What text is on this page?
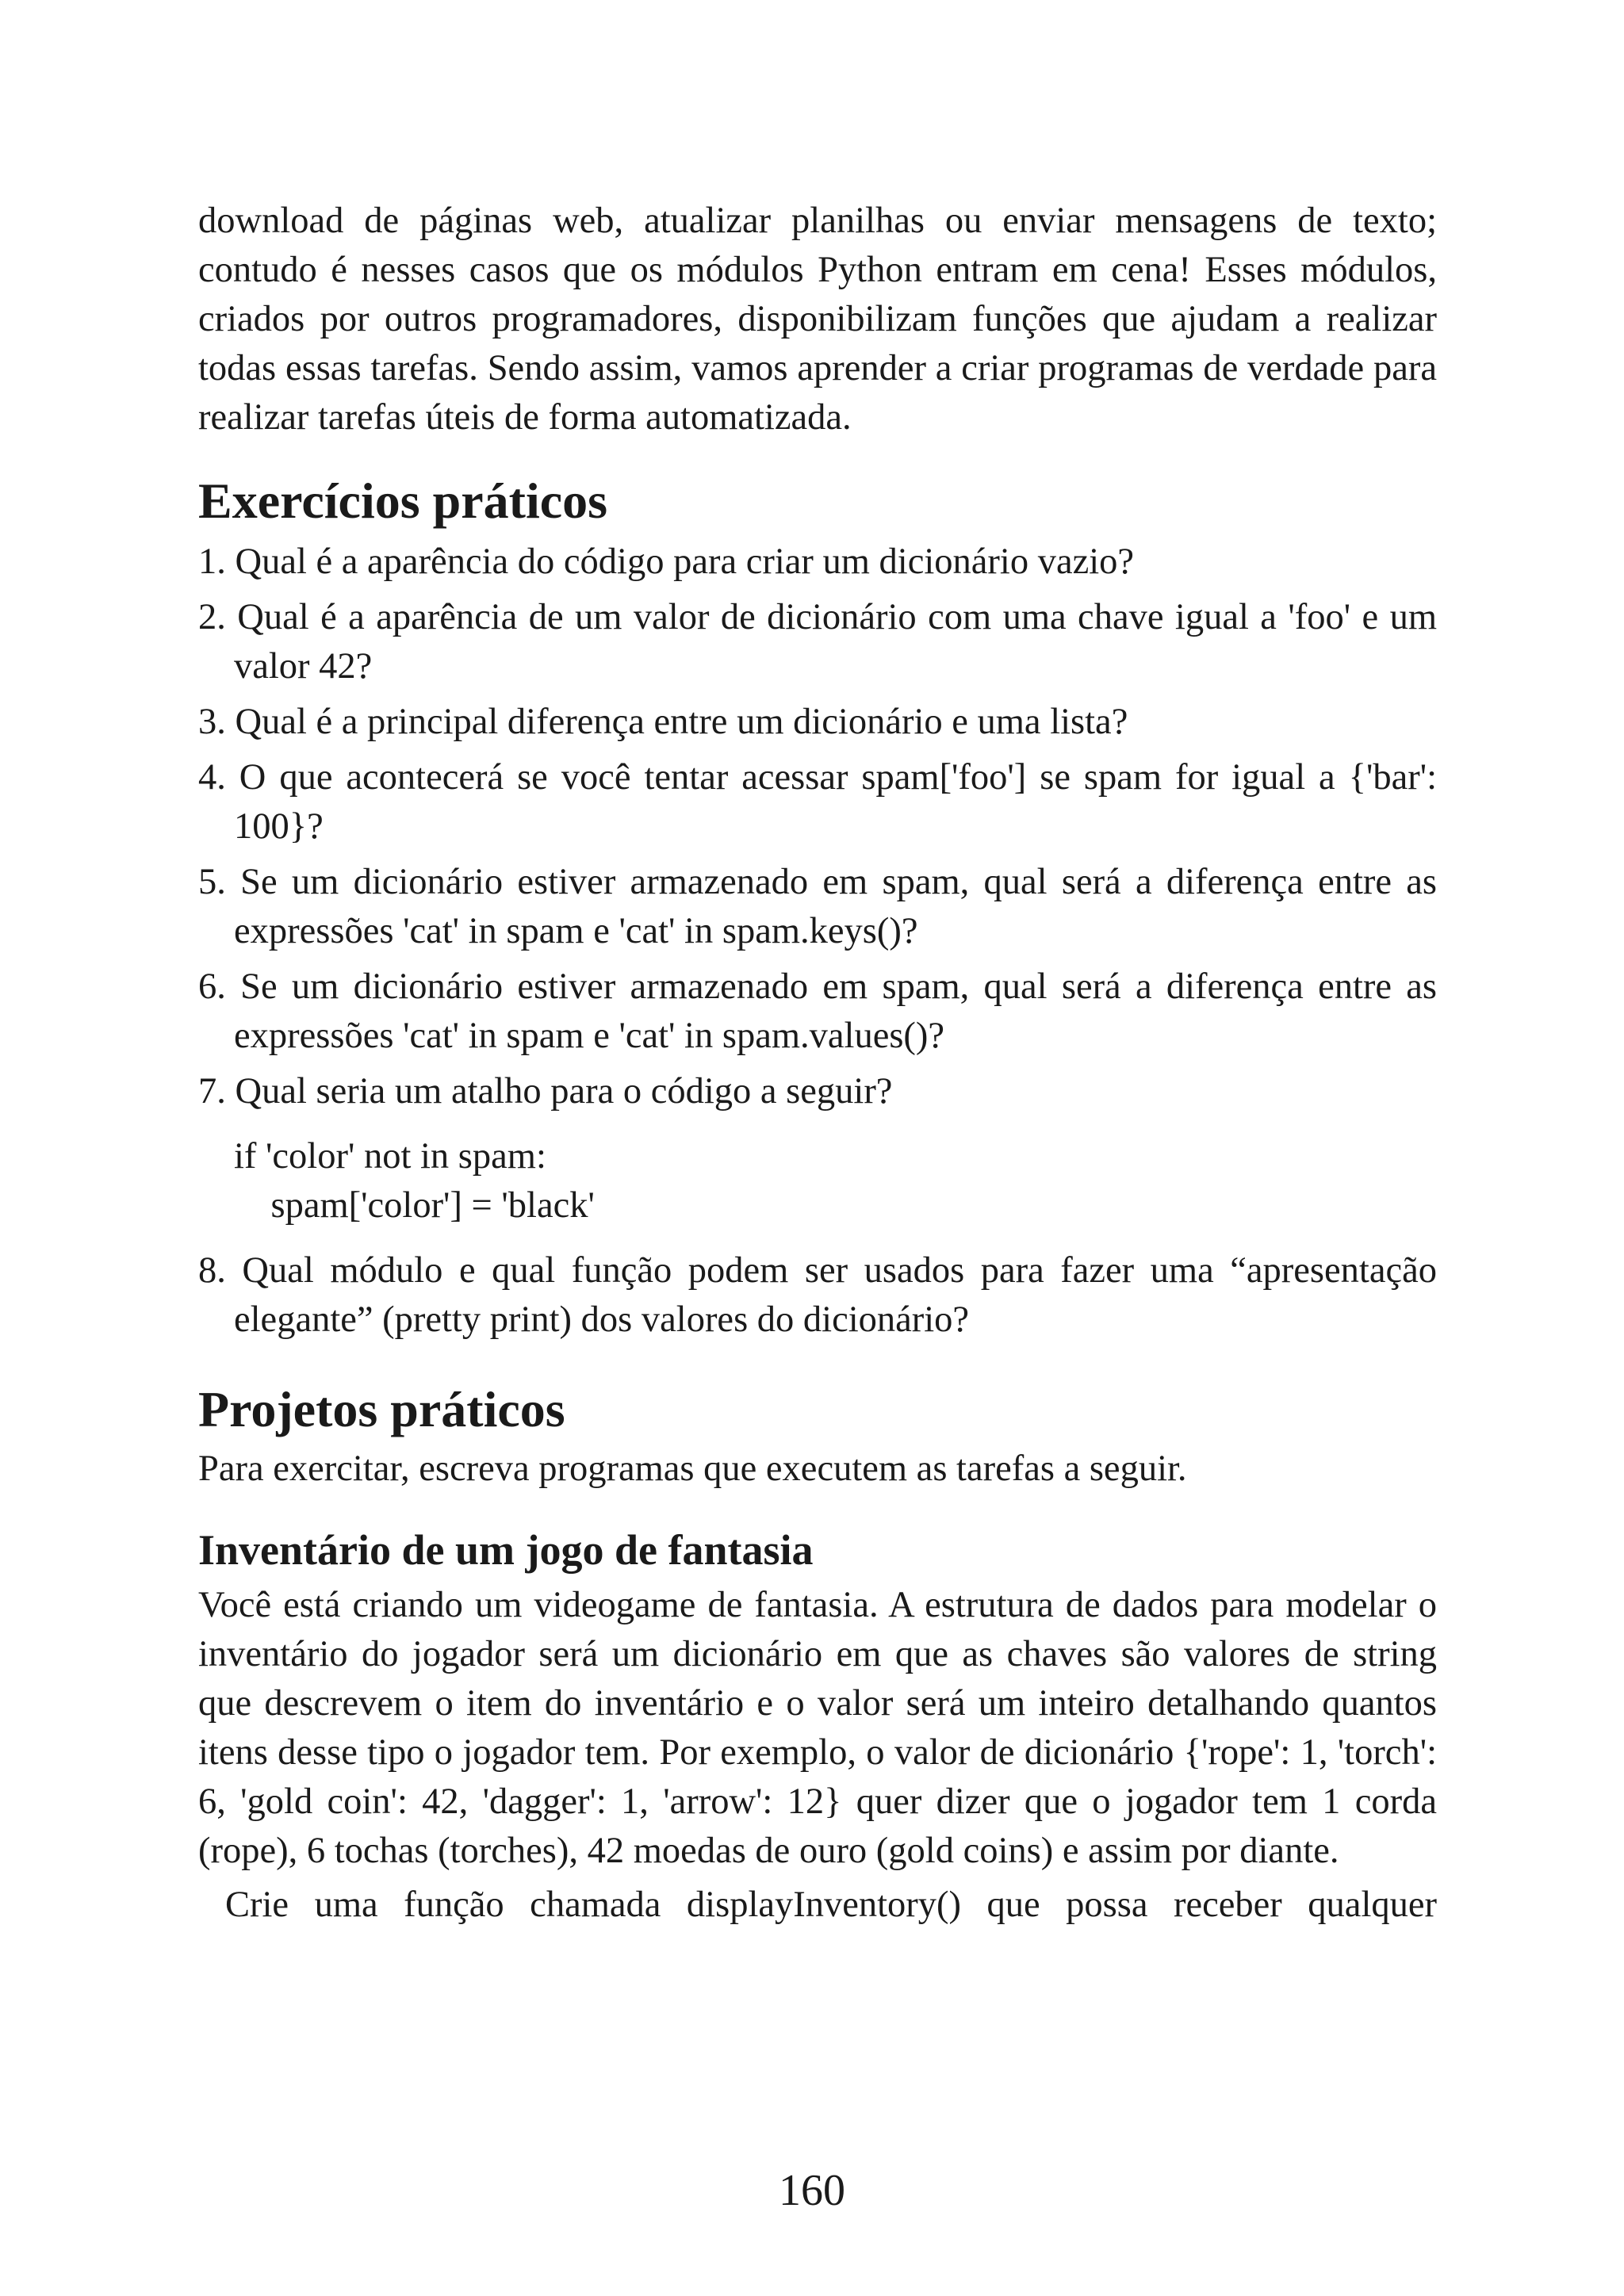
download de páginas web, atualizar planilhas ou enviar mensagens de texto; contudo é nesses casos que os módulos Python entram em cena! Esses módulos, criados por outros programadores, disponibilizam funções que ajudam a realizar todas essas tarefas. Sendo assim, vamos aprender a criar programas de verdade para realizar tarefas úteis de forma automatizada.

Exercícios práticos
1. Qual é a aparência do código para criar um dicionário vazio?
2. Qual é a aparência de um valor de dicionário com uma chave igual a 'foo' e um valor 42?
3. Qual é a principal diferença entre um dicionário e uma lista?
4. O que acontecerá se você tentar acessar spam['foo'] se spam for igual a {'bar': 100}?
5. Se um dicionário estiver armazenado em spam, qual será a diferença entre as expressões 'cat' in spam e 'cat' in spam.keys()?
6. Se um dicionário estiver armazenado em spam, qual será a diferença entre as expressões 'cat' in spam e 'cat' in spam.values()?
7. Qual seria um atalho para o código a seguir?
if 'color' not in spam:
spam['color'] = 'black'
8. Qual módulo e qual função podem ser usados para fazer uma “apresentação elegante” (pretty print) dos valores do dicionário?
Projetos práticos

Para exercitar, escreva programas que executem as tarefas a seguir.

Inventário de um jogo de fantasia

Você está criando um videogame de fantasia. A estrutura de dados para modelar o inventário do jogador será um dicionário em que as chaves são valores de string que descrevem o item do inventário e o valor será um inteiro detalhando quantos itens desse tipo o jogador tem. Por exemplo, o valor de dicionário {'rope': 1, 'torch': 6, 'gold coin': 42, 'dagger': 1, 'arrow': 12} quer dizer que o jogador tem 1 corda (rope), 6 tochas (torches), 42 moedas de ouro (gold coins) e assim por diante.

Crie uma função chamada displayInventory() que possa receber qualquer

160
